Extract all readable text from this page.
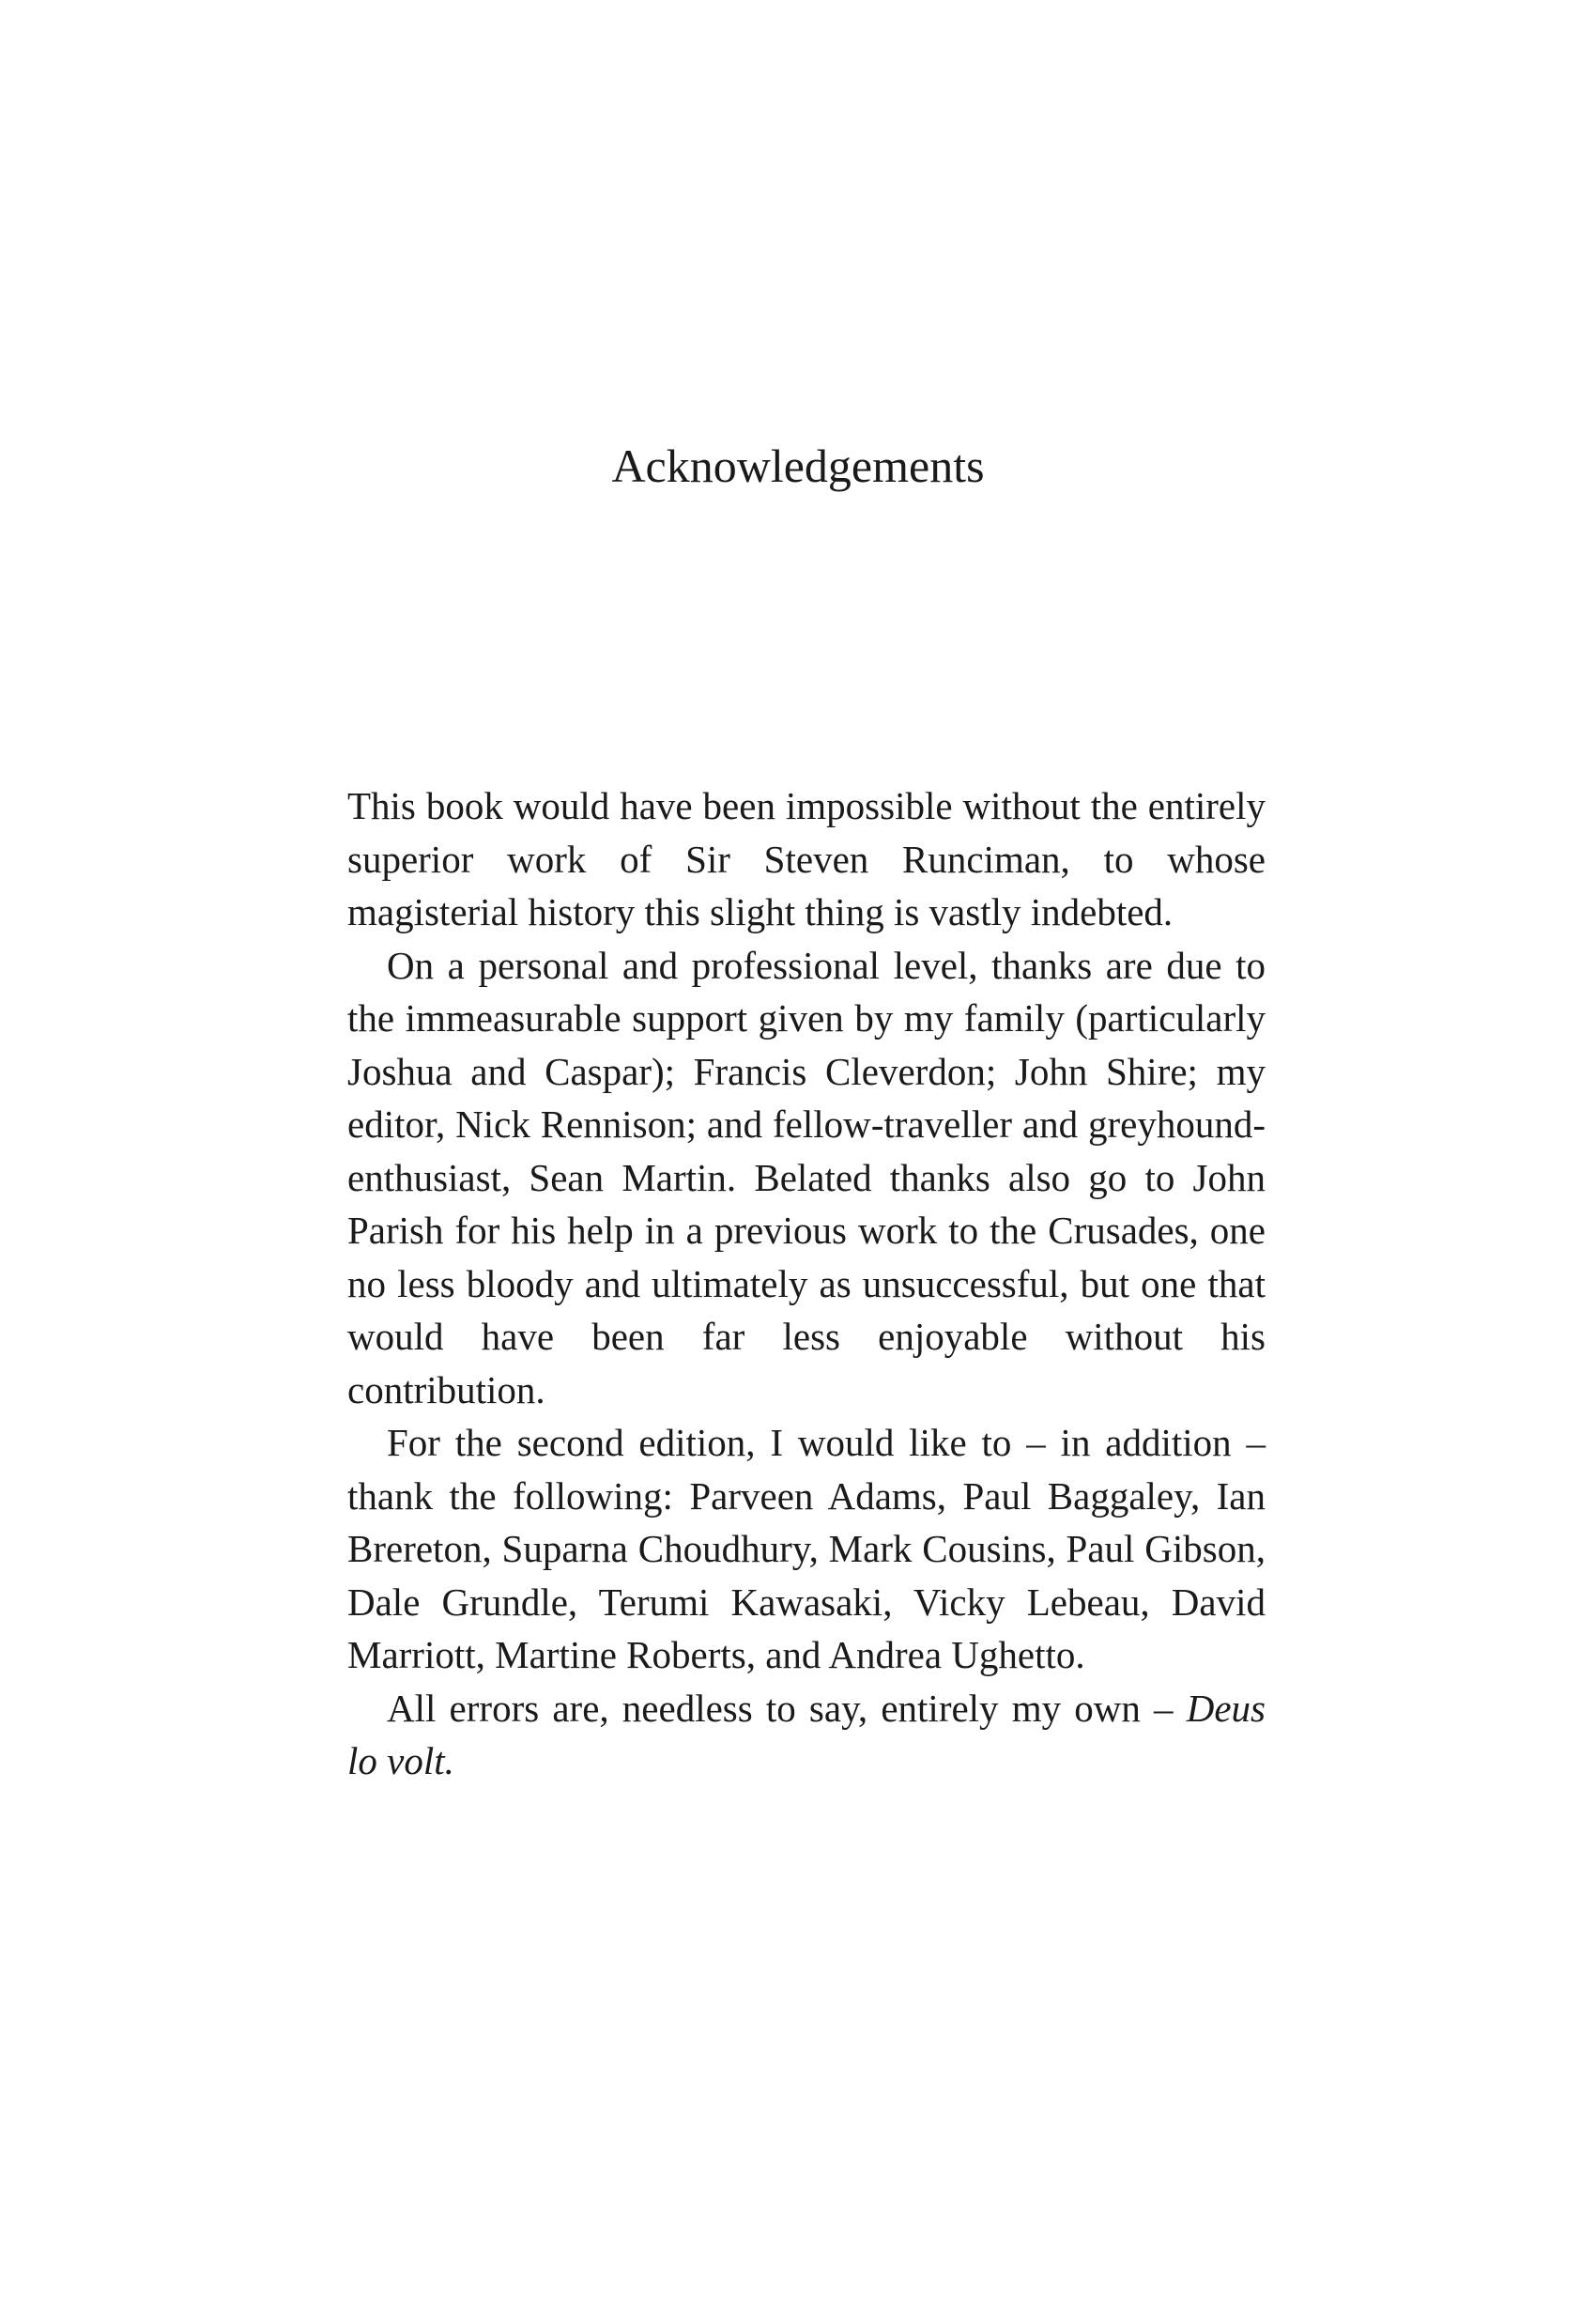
Acknowledgements

This book would have been impossible without the entirely superior work of Sir Steven Runciman, to whose magisterial history this slight thing is vastly indebted.

On a personal and professional level, thanks are due to the immeasurable support given by my family (particularly Joshua and Caspar); Francis Cleverdon; John Shire; my editor, Nick Rennison; and fellow-traveller and greyhound-enthusiast, Sean Martin. Belated thanks also go to John Parish for his help in a previous work to the Crusades, one no less bloody and ultimately as unsuccessful, but one that would have been far less enjoyable without his contribution.

For the second edition, I would like to – in addition – thank the following: Parveen Adams, Paul Baggaley, Ian Brereton, Suparna Choudhury, Mark Cousins, Paul Gibson, Dale Grundle, Terumi Kawasaki, Vicky Lebeau, David Marriott, Martine Roberts, and Andrea Ughetto.

All errors are, needless to say, entirely my own – Deus lo volt.
